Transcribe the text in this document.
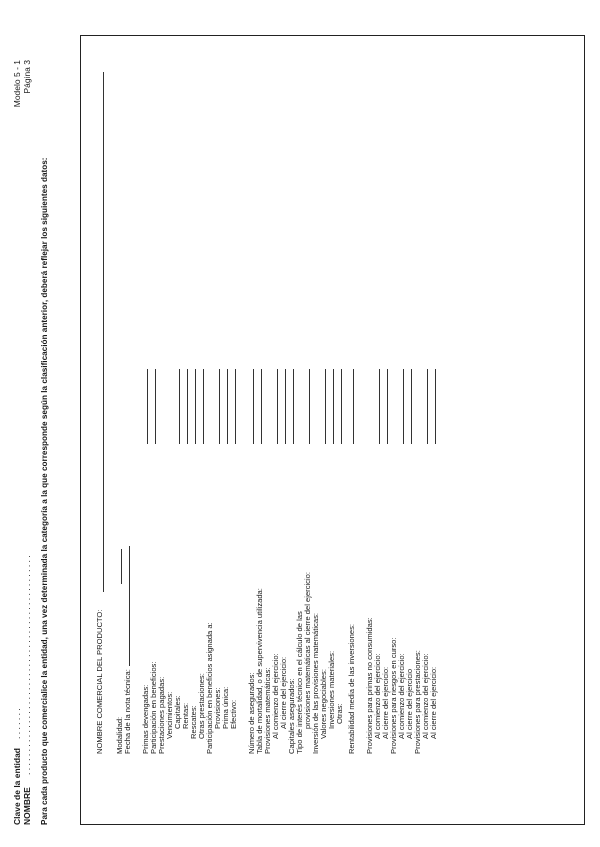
Clave de la entidad
. . . . . . .
NOMBRE
. . . . . . . . . . . . . . . . . . . . . . . . . . . . . . . . . . . . . . . . . . . . . . .
Modelo 5 - 1 Página 3
Para cada producto que comercialice la entidad, una vez determinada la categoría a la que corresponde según la clasificación anterior, deberá reflejar los siguientes datos:	NOMBRE COMERCIAL DEL PRODUCTO: Modalidad: Fecha de la nota técnica: Primas devengadas: Participación en beneficios: Prestaciones pagadas: Vencimientos: Capitales: Rentas: Rescates: Otras prestaciones: Participación en beneficios asignada a: Provisiones: Prima única: Efectivo: Número de asegurados: Tabla de mortalidad, o de supervivencia utilizada: Provisiones matemáticas: Al comienzo del ejercicio: Al cierre del ejercicio: Capitales asegurados: Tipo de interés técnico en el cálculo de las provisiones matemáticas al cierre del ejercicio: Inversión de las provisiones matemáticas: Valores negociables: Inversiones materiales: Otras: Rentabilidad media de las inversiones: Provisiones para primas no consumidas: Al comienzo del ejercicio: Al cierre del ejercicio: Provisiones para riesgos en curso: Al comienzo del ejercicio: Al cierre del ejercicio Provisiones para prestaciones: Al comienzo del ejercicio: Al cierre del ejercicio:
